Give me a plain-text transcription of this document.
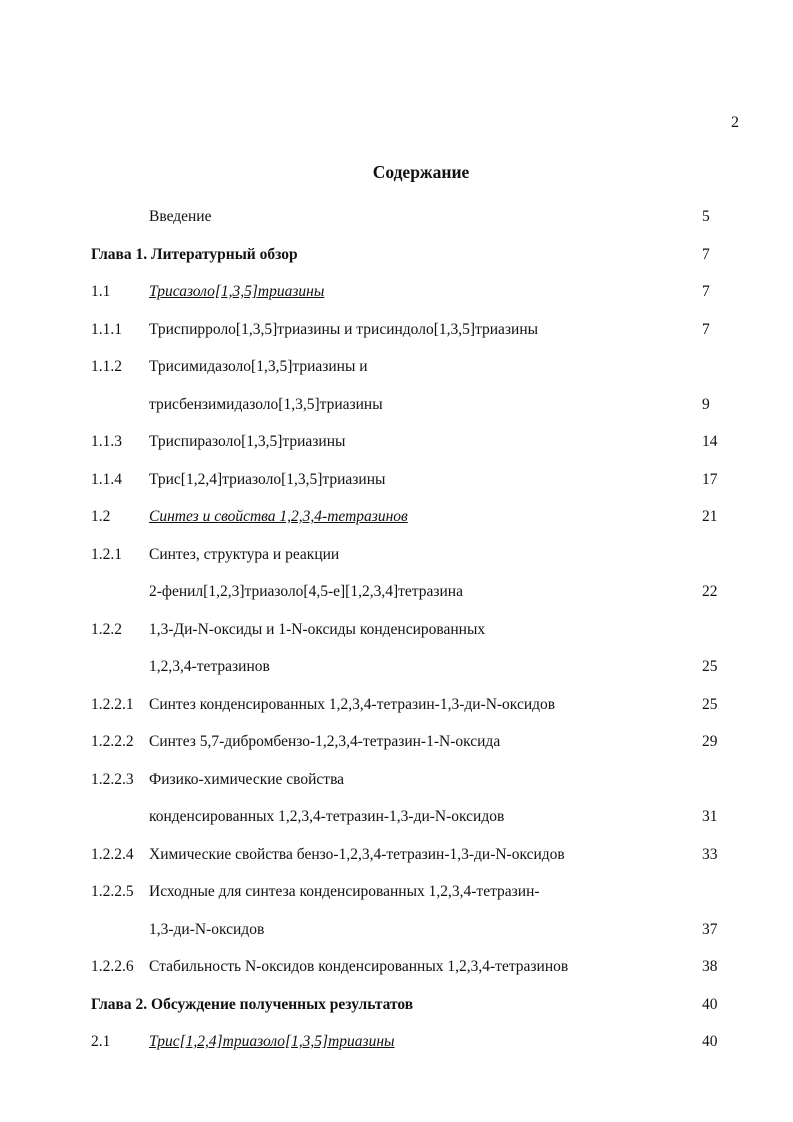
2
Содержание
Введение	5
Глава 1. Литературный обзор	7
1.1 Трисазоло[1,3,5]триазины	7
1.1.1 Триспирроло[1,3,5]триазины и трисиндоло[1,3,5]триазины	7
1.1.2 Трисимидазоло[1,3,5]триазины и
трисбензимидазоло[1,3,5]триазины	9
1.1.3 Триспиразоло[1,3,5]триазины	14
1.1.4 Трис[1,2,4]триазоло[1,3,5]триазины	17
1.2 Синтез и свойства 1,2,3,4-тетразинов	21
1.2.1 Синтез, структура и реакции
2-фенил[1,2,3]триазоло[4,5-е][1,2,3,4]тетразина	22
1.2.2 1,3-Ди-N-оксиды и 1-N-оксиды конденсированных
1,2,3,4-тетразинов	25
1.2.2.1 Синтез конденсированных 1,2,3,4-тетразин-1,3-ди-N-оксидов	25
1.2.2.2 Синтез 5,7-дибромбензо-1,2,3,4-тетразин-1-N-оксида	29
1.2.2.3 Физико-химические свойства
конденсированных 1,2,3,4-тетразин-1,3-ди-N-оксидов	31
1.2.2.4 Химические свойства бензо-1,2,3,4-тетразин-1,3-ди-N-оксидов	33
1.2.2.5 Исходные для синтеза конденсированных 1,2,3,4-тетразин-
1,3-ди-N-оксидов	37
1.2.2.6 Стабильность N-оксидов конденсированных 1,2,3,4-тетразинов	38
Глава 2. Обсуждение полученных результатов	40
2.1 Трис[1,2,4]триазоло[1,3,5]триазины	40
